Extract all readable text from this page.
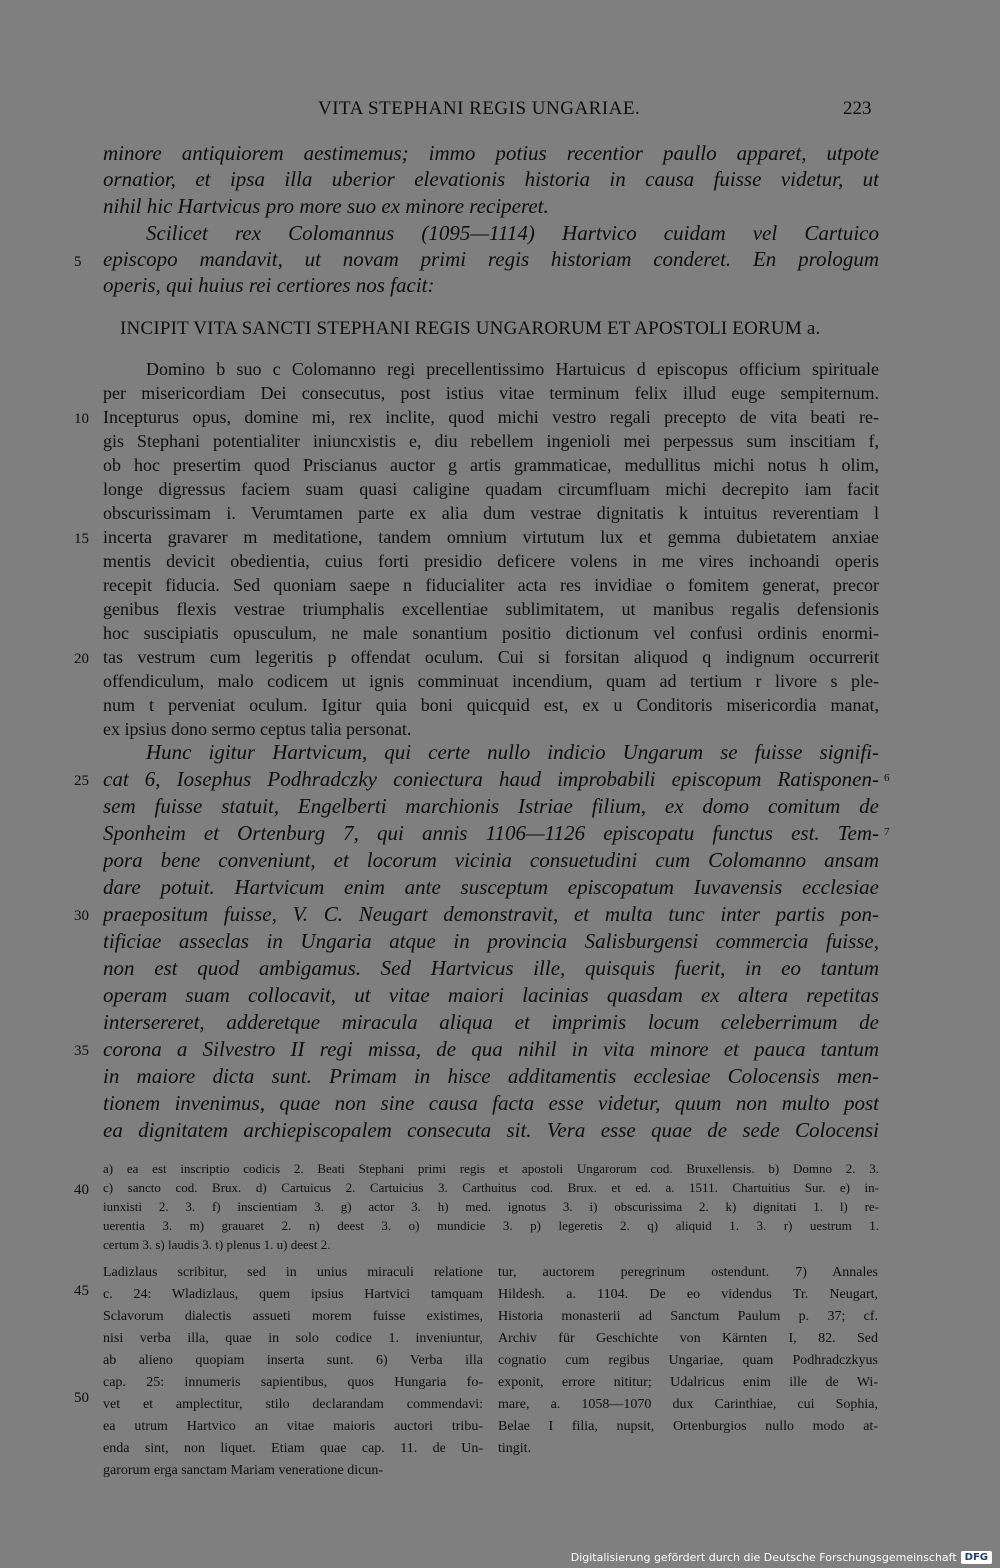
VITA STEPHANI REGIS UNGARIAE.	223
minore antiquiorem aestimemus; immo potius recentior paullo apparet, utpote
ornatior, et ipsa illa uberior elevationis historia in causa fuisse videtur, ut
nihil hic Hartvicus pro more suo ex minore reciperet.
Scilicet rex Colomannus (1095—1114) Hartvico cuidam vel Cartuico
episcopo mandavit, ut novam primi regis historiam conderet. En prologum
operis, qui huius rei certiores nos facit:
INCIPIT VITA SANCTI STEPHANI REGIS UNGARORUM ET APOSTOLI EORUM a.
Domino b suo c Colomanno regi precellentissimo Hartuicus d episcopus officium spirituale
per misericordiam Dei consecutus, post istius vitae terminum felix illud euge sempiternum.
Incepturus opus, domine mi, rex inclite, quod michi vestro regali precepto de vita beati re-
gis Stephani potentialiter iniuncxistis e, diu rebellem ingenioli mei perpessus sum inscitiam f,
ob hoc presertim quod Priscianus auctor g artis grammaticae, medullitus michi notus h olim,
longe digressus faciem suam quasi caligine quadam circumfluam michi decrepito iam facit
obscurissimam i. Verumtamen parte ex alia dum vestrae dignitatis k intuitus reverentiam l
incerta gravarer m meditatione, tandem omnium virtutum lux et gemma dubietatem anxiae
mentis devicit obedientia, cuius forti presidio deficere volens in me vires inchoandi operis
recepit fiducia. Sed quoniam saepe n fiducialiter acta res invidiae o fomitem generat, precor
genibus flexis vestrae triumphalis excellentiae sublimitatem, ut manibus regalis defensionis
hoc suscipiatis opusculum, ne male sonantium positio dictionum vel confusi ordinis enormi-
tas vestrum cum legeritis p offendat oculum. Cui si forsitan aliquod q indignum occurrerit
offendiculum, malo codicem ut ignis comminuat incendium, quam ad tertium r livore s ple-
num t perveniat oculum. Igitur quia boni quicquid est, ex u Conditoris misericordia manat,
ex ipsius dono sermo ceptus talia personat.
Hunc igitur Hartvicum, qui certe nullo indicio Ungarum se fuisse signifi-
cat 6, Iosephus Podhradczky coniectura haud improbabili episcopum Ratisponen-
sem fuisse statuit, Engelberti marchionis Istriae filium, ex domo comitum de
Sponheim et Ortenburg 7, qui annis 1106—1126 episcopatu functus est. Tem-
pora bene conveniunt, et locorum vicinia consuetudini cum Colomanno ansam
dare potuit. Hartvicum enim ante susceptum episcopatum Iuvavensis ecclesiae
praepositum fuisse, V. C. Neugart demonstravit, et multa tunc inter partis pon-
tificiae asseclas in Ungaria atque in provincia Salisburgensi commercia fuisse,
non est quod ambigamus. Sed Hartvicus ille, quisquis fuerit, in eo tantum
operam suam collocavit, ut vitae maiori lacinias quasdam ex altera repetitas
intersereret, adderetque miracula aliqua et imprimis locum celeberrimum de
corona a Silvestro II regi missa, de qua nihil in vita minore et pauca tantum
in maiore dicta sunt. Primam in hisce additamentis ecclesiae Colocensis men-
tionem invenimus, quae non sine causa facta esse videtur, quum non multo post
ea dignitatem archiepiscopalem consecuta sit. Vera esse quae de sede Colocensi
5
10
15
20
25
30
35
40
45
50
6
7
a) ea est inscriptio codicis 2. Beati Stephani primi regis et apostoli Ungarorum cod. Bruxellensis. b) Domno 2. 3.
c) sancto cod. Brux. d) Cartuicus 2. Cartuicius 3. Carthuitus cod. Brux. et ed. a. 1511. Chartuitius Sur. e) in-
iunxisti 2. 3. f) inscientiam 3. g) actor 3. h) med. ignotus 3. i) obscurissima 2. k) dignitati 1. l) re-
uerentia 3. m) grauaret 2. n) deest 3. o) mundicie 3. p) legeretis 2. q) aliquid 1. 3. r) uestrum 1.
certum 3. s) laudis 3. t) plenus 1. u) deest 2.
Ladizlaus scribitur, sed in unius miraculi relatione
c. 24: Wladizlaus, quem ipsius Hartvici tamquam
Sclavorum dialectis assueti morem fuisse existimes,
nisi verba illa, quae in solo codice 1. inveniuntur,
ab alieno quopiam inserta sunt. 6) Verba illa
cap. 25: innumeris sapientibus, quos Hungaria fo-
vet et amplectitur, stilo declarandam commendavi:
ea utrum Hartvico an vitae maioris auctori tribu-
enda sint, non liquet. Etiam quae cap. 11. de Un-
garorum erga sanctam Mariam veneratione dicun-
tur, auctorem peregrinum ostendunt. 7) Annales
Hildesh. a. 1104. De eo videndus Tr. Neugart,
Historia monasterii ad Sanctum Paulum p. 37; cf.
Archiv für Geschichte von Kärnten I, 82. Sed
cognatio cum regibus Ungariae, quam Podhradczkyus
exponit, errore nititur; Udalricus enim ille de Wi-
mare, a. 1058—1070 dux Carinthiae, cui Sophia,
Belae I filia, nupsit, Ortenburgios nullo modo at-
tingit.
Digitalisierung gefördert durch die Deutsche Forschungsgemeinschaft DFG
